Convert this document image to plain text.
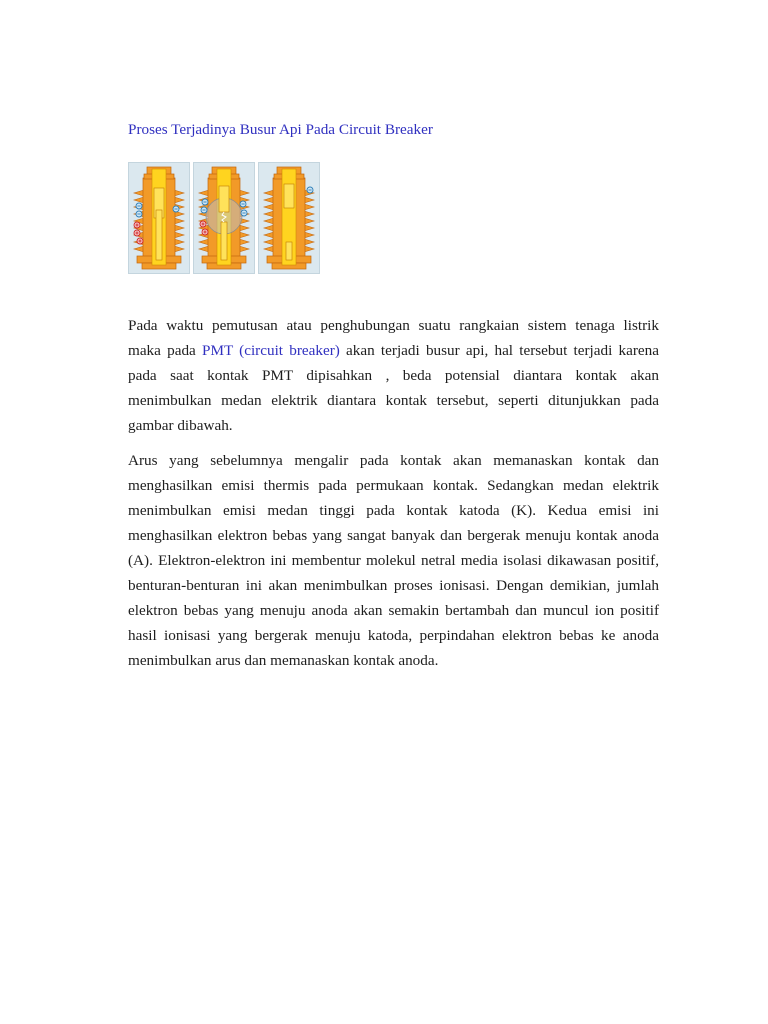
Proses Terjadinya Busur Api Pada Circuit Breaker
Pada waktu pemutusan atau penghubungan suatu rangkaian sistem tenaga listrik
maka pada PMT (circuit breaker) akan terjadi busur api, hal tersebut terjadi karena
pada saat kontak PMT dipisahkan , beda potensial diantara kontak akan
menimbulkan medan elektrik diantara kontak tersebut, seperti ditunjukkan pada
gambar dibawah.
Arus yang sebelumnya mengalir pada kontak akan memanaskan kontak dan
menghasilkan emisi thermis pada permukaan kontak. Sedangkan medan elektrik
menimbulkan emisi medan tinggi pada kontak katoda (K). Kedua emisi ini
menghasilkan elektron bebas yang sangat banyak dan bergerak menuju kontak anoda
(A). Elektron-elektron ini membentur molekul netral media isolasi dikawasan positif,
benturan-benturan ini akan menimbulkan proses ionisasi. Dengan demikian, jumlah
elektron bebas yang menuju anoda akan semakin bertambah dan muncul ion positif
hasil ionisasi yang bergerak menuju katoda, perpindahan elektron bebas ke anoda
menimbulkan arus dan memanaskan kontak anoda.
